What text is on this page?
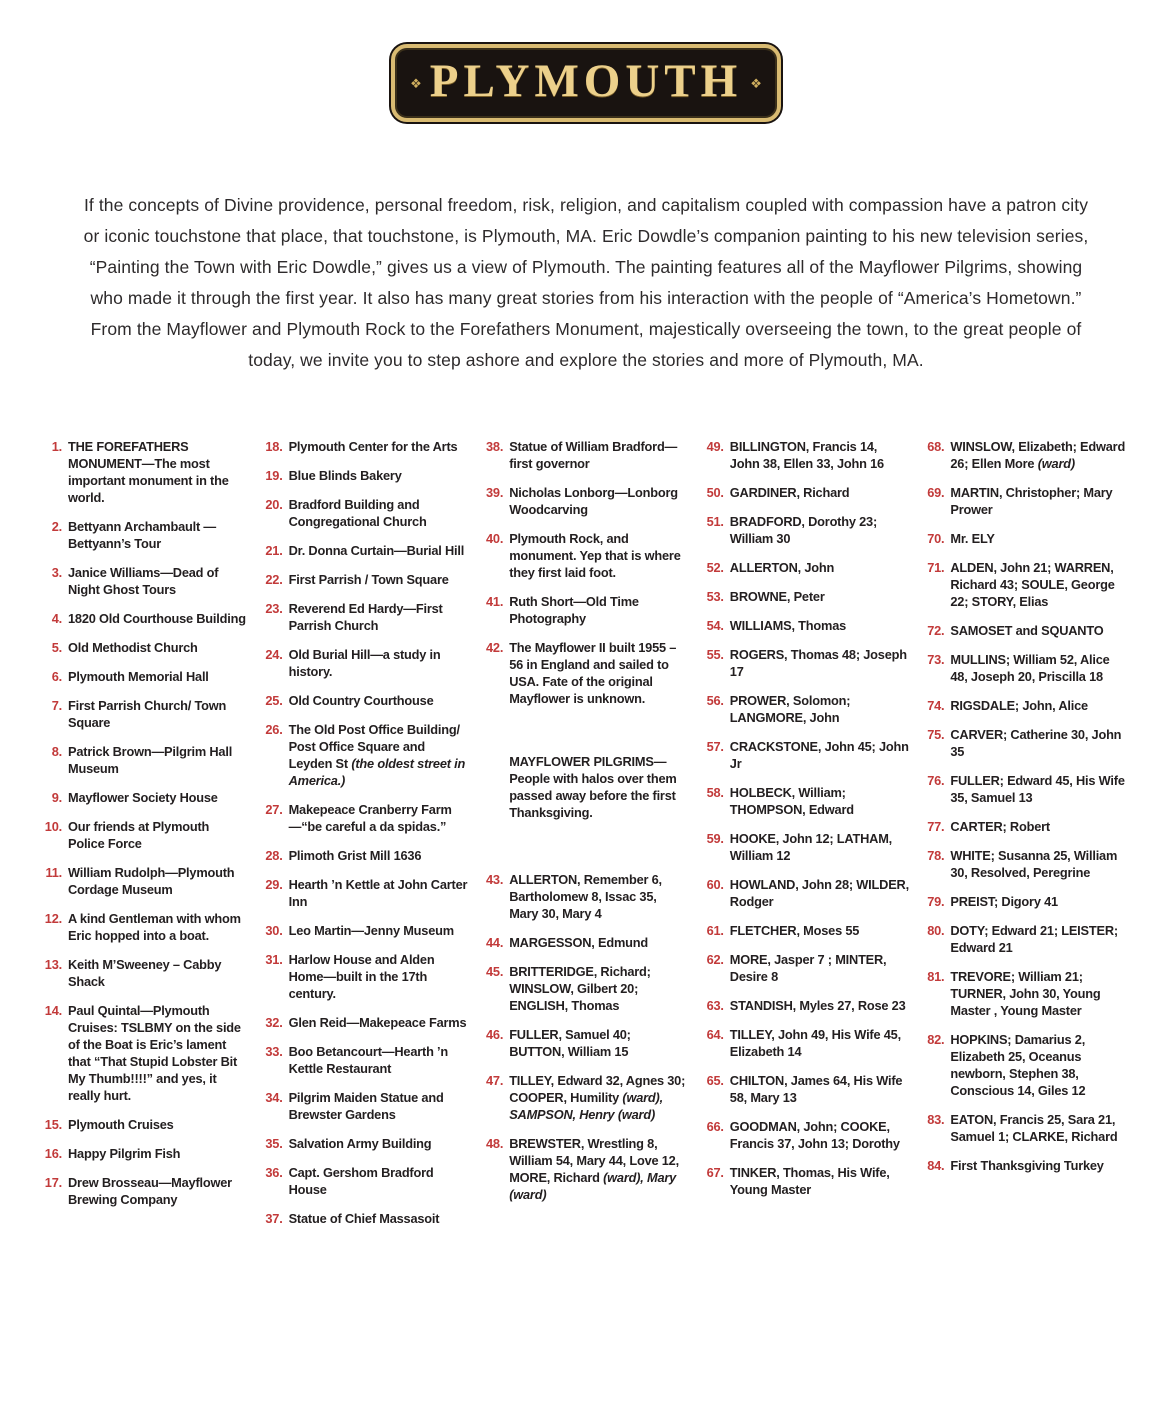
❖ PLYMOUTH ❖

If the concepts of Divine providence, personal freedom, risk, religion, and capitalism coupled with compassion have a patron city or iconic touchstone that place, that touchstone, is Plymouth, MA. Eric Dowdle’s companion painting to his new television series, “Painting the Town with Eric Dowdle,” gives us a view of Plymouth. The painting features all of the Mayflower Pilgrims, showing who made it through the first year. It also has many great stories from his interaction with the people of “America’s Hometown.” From the Mayflower and Plymouth Rock to the Forefathers Monument, majestically overseeing the town, to the great people of today, we invite you to step ashore and explore the stories and more of Plymouth, MA.

1. THE FOREFATHERS MONUMENT—The most important monument in the world.
2. Bettyann Archambault —Bettyann’s Tour
3. Janice Williams—Dead of Night Ghost Tours
4. 1820 Old Courthouse Building
5. Old Methodist Church
6. Plymouth Memorial Hall
7. First Parrish Church/ Town Square
8. Patrick Brown—Pilgrim Hall Museum
9. Mayflower Society House
10. Our friends at Plymouth Police Force
11. William Rudolph—Plymouth Cordage Museum
12. A kind Gentleman with whom Eric hopped into a boat.
13. Keith M’Sweeney – Cabby Shack
14. Paul Quintal—Plymouth Cruises: TSLBMY on the side of the Boat is Eric’s lament that “That Stupid Lobster Bit My Thumb!!!!” and yes, it really hurt.
15. Plymouth Cruises
16. Happy Pilgrim Fish
17. Drew Brosseau—Mayflower Brewing Company
18. Plymouth Center for the Arts
19. Blue Blinds Bakery
20. Bradford Building and Congregational Church
21. Dr. Donna Curtain—Burial Hill
22. First Parrish / Town Square
23. Reverend Ed Hardy—First Parrish Church
24. Old Burial Hill—a study in history.
25. Old Country Courthouse
26. The Old Post Office Building/ Post Office Square and Leyden St (the oldest street in America.)
27. Makepeace Cranberry Farm—“be careful a da spidas.”
28. Plimoth Grist Mill 1636
29. Hearth ’n Kettle at John Carter Inn
30. Leo Martin—Jenny Museum
31. Harlow House and Alden Home—built in the 17th century.
32. Glen Reid—Makepeace Farms
33. Boo Betancourt—Hearth ’n Kettle Restaurant
34. Pilgrim Maiden Statue and Brewster Gardens
35. Salvation Army Building
36. Capt. Gershom Bradford House
37. Statue of Chief Massasoit
38. Statue of William Bradford—first governor
39. Nicholas Lonborg—Lonborg Woodcarving
40. Plymouth Rock, and monument. Yep that is where they first laid foot.
41. Ruth Short—Old Time Photography
42. The Mayflower II built 1955 – 56 in England and sailed to USA. Fate of the original Mayflower is unknown.
MAYFLOWER PILGRIMS—People with halos over them passed away before the first Thanksgiving.
43. ALLERTON, Remember 6, Bartholomew 8, Issac 35, Mary 30, Mary 4
44. MARGESSON, Edmund
45. BRITTERIDGE, Richard; WINSLOW, Gilbert 20; ENGLISH, Thomas
46. FULLER, Samuel 40; BUTTON, William 15
47. TILLEY, Edward 32, Agnes 30; COOPER, Humility (ward), SAMPSON, Henry (ward)
48. BREWSTER, Wrestling 8, William 54, Mary 44, Love 12, MORE, Richard (ward), Mary (ward)
49. BILLINGTON, Francis 14, John 38, Ellen 33, John 16
50. GARDINER, Richard
51. BRADFORD, Dorothy 23; William 30
52. ALLERTON, John
53. BROWNE, Peter
54. WILLIAMS, Thomas
55. ROGERS, Thomas 48; Joseph 17
56. PROWER, Solomon; LANGMORE, John
57. CRACKSTONE, John 45; John Jr
58. HOLBECK, William; THOMPSON, Edward
59. HOOKE, John 12; LATHAM, William 12
60. HOWLAND, John 28; WILDER, Rodger
61. FLETCHER, Moses 55
62. MORE, Jasper 7 ; MINTER, Desire 8
63. STANDISH, Myles 27, Rose 23
64. TILLEY, John 49, His Wife 45, Elizabeth 14
65. CHILTON, James 64, His Wife 58, Mary 13
66. GOODMAN, John; COOKE, Francis 37, John 13; Dorothy
67. TINKER, Thomas, His Wife, Young Master
68. WINSLOW, Elizabeth; Edward 26; Ellen More (ward)
69. MARTIN, Christopher; Mary Prower
70. Mr. ELY
71. ALDEN, John 21; WARREN, Richard 43; SOULE, George 22; STORY, Elias
72. SAMOSET and SQUANTO
73. MULLINS; William 52, Alice 48, Joseph 20, Priscilla 18
74. RIGSDALE; John, Alice
75. CARVER; Catherine 30, John 35
76. FULLER; Edward 45, His Wife 35, Samuel 13
77. CARTER; Robert
78. WHITE; Susanna 25, William 30, Resolved, Peregrine
79. PREIST; Digory 41
80. DOTY; Edward 21; LEISTER; Edward 21
81. TREVORE; William 21; TURNER, John 30, Young Master , Young Master
82. HOPKINS; Damarius 2, Elizabeth 25, Oceanus newborn, Stephen 38, Conscious 14, Giles 12
83. EATON, Francis 25, Sara 21, Samuel 1; CLARKE, Richard
84. First Thanksgiving Turkey
